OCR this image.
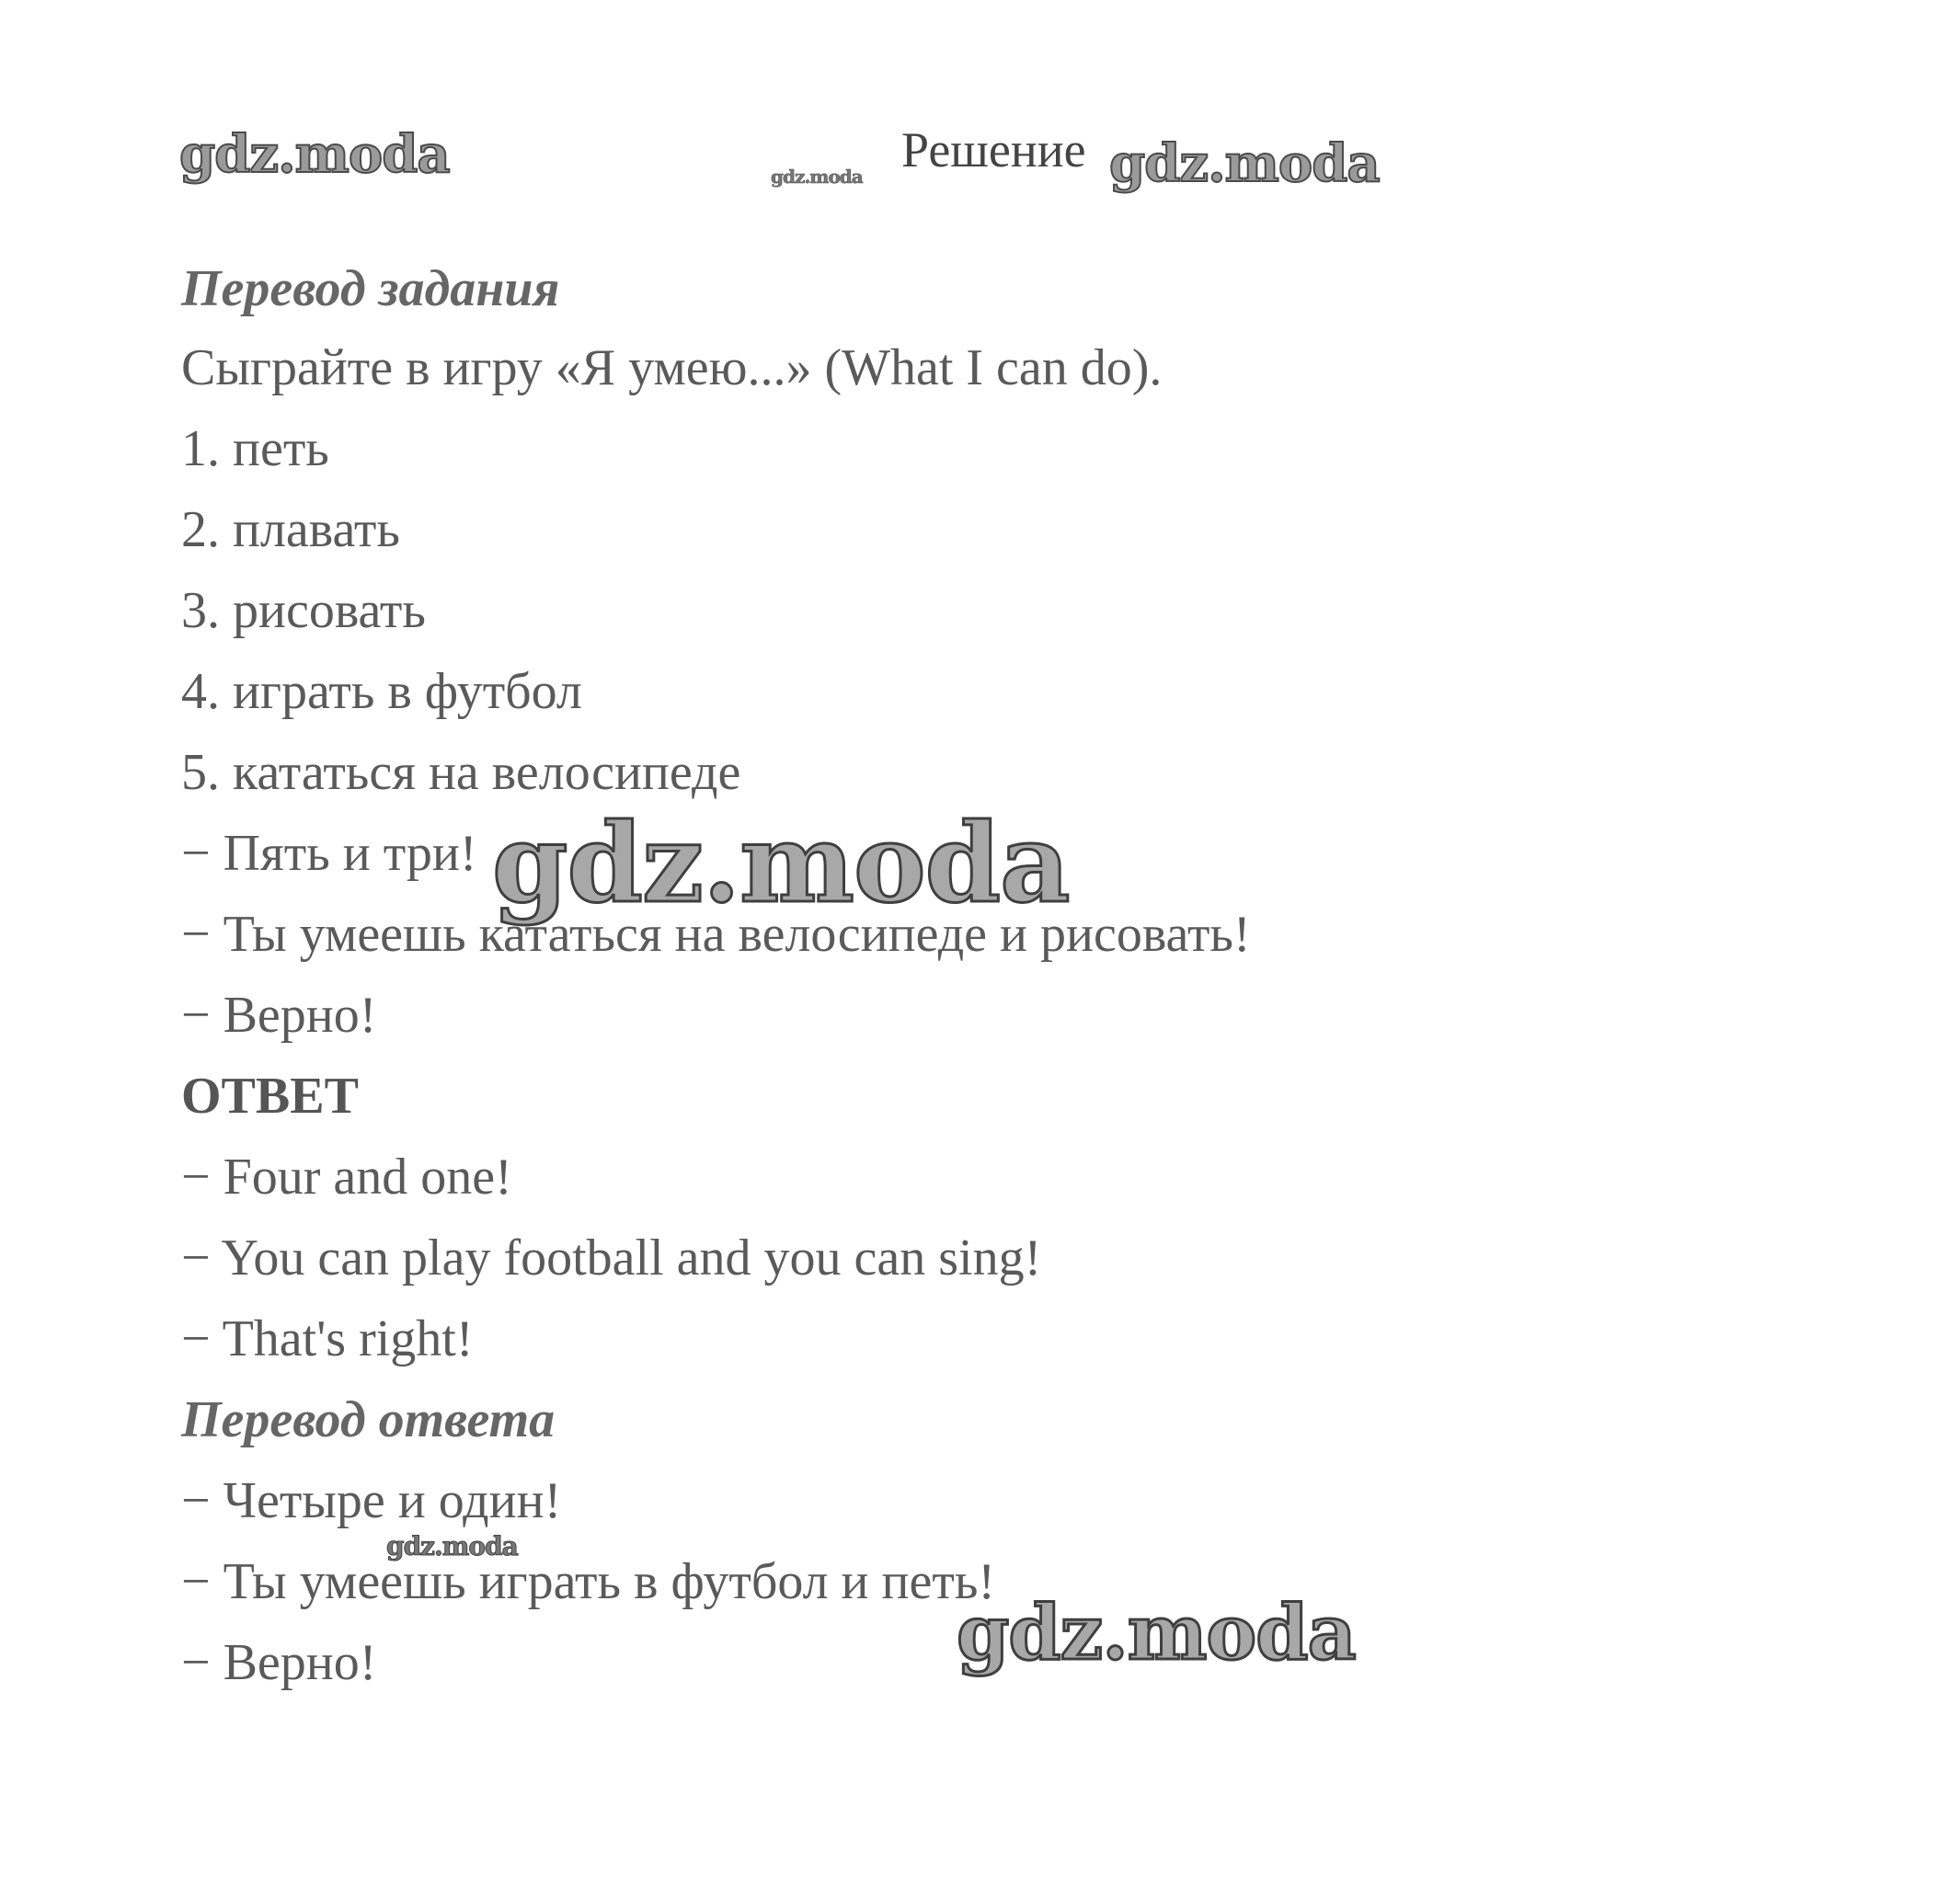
gdz.moda	gdz.moda Решение gdz.moda
Перевод задания
Сыграйте в игру «Я умею...» (What I can do).
1. петь
2. плавать
3. рисовать
4. играть в футбол
5. кататься на велосипеде
− Пять и три!
− Ты умеешь кататься на велосипеде и рисовать!
− Верно!
ОТВЕТ
− Four and one!
− You can play football and you can sing!
− That's right!
Перевод ответа
− Четыре и один!
− Ты умеешь играть в футбол и петь!
− Верно!
gdz.moda
gdz.moda
gdz.moda
